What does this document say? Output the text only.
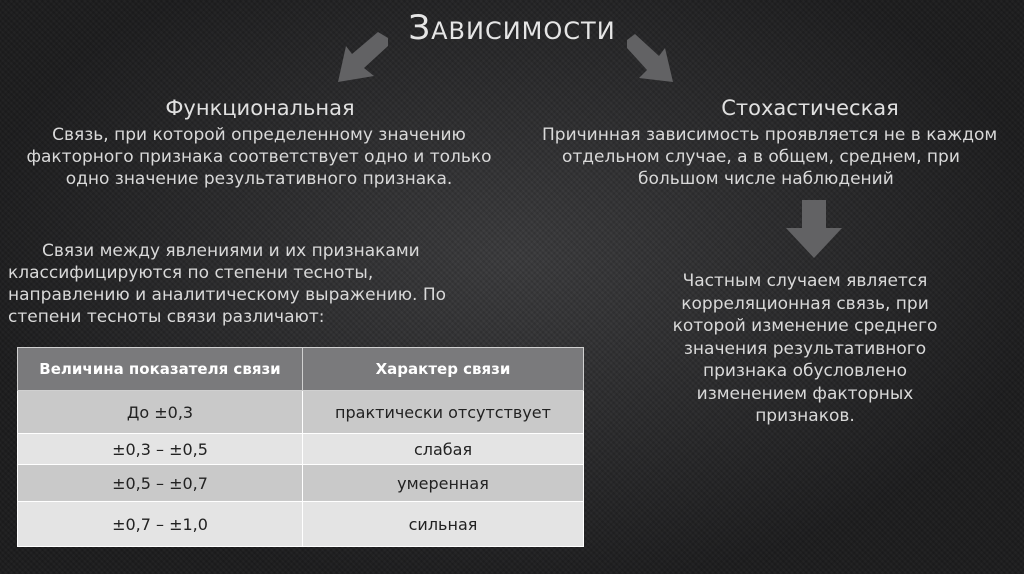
Зависимости
Функциональная
Связь, при которой определенному значению
факторного признака соответствует одно и только
одно значение результативного признака.
Связи между явлениями и их признаками
классифицируются по степени тесноты,
направлению и аналитическому выражению. По
степени тесноты связи различают:
Стохастическая
Причинная зависимость проявляется не в каждом
отдельном случае, а в общем, среднем, при
большом числе наблюдений
Частным случаем является
корреляционная связь, при
которой изменение среднего
значения результативного
признака обусловлено
изменением факторных
признаков.
Величина показателя связи	Характер связи
До ±0,3	практически отсутствует
±0,3 – ±0,5	слабая
±0,5 – ±0,7	умеренная
±0,7 – ±1,0	сильная
